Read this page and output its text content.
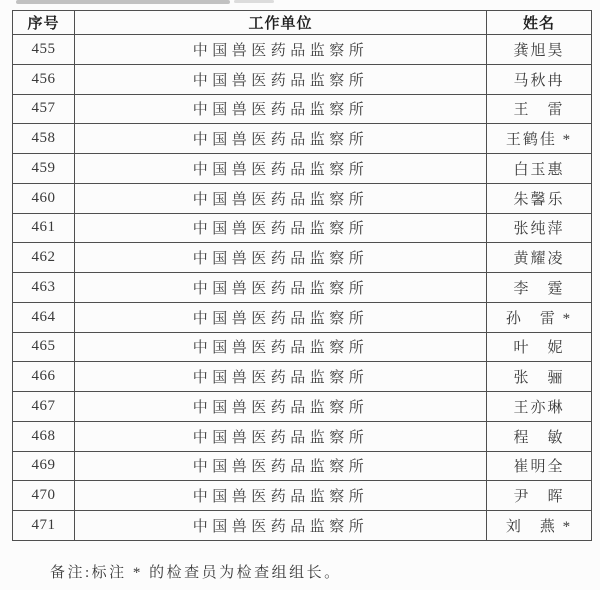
序号	工作单位	姓名
455	中国兽医药品监察所	龚旭昊
456	中国兽医药品监察所	马秋冉
457	中国兽医药品监察所	王　雷
458	中国兽医药品监察所	王鹤佳 *
459	中国兽医药品监察所	白玉惠
460	中国兽医药品监察所	朱馨乐
461	中国兽医药品监察所	张纯萍
462	中国兽医药品监察所	黄耀凌
463	中国兽医药品监察所	李　霆
464	中国兽医药品监察所	孙　雷 *
465	中国兽医药品监察所	叶　妮
466	中国兽医药品监察所	张　骊
467	中国兽医药品监察所	王亦琳
468	中国兽医药品监察所	程　敏
469	中国兽医药品监察所	崔明全
470	中国兽医药品监察所	尹　晖
471	中国兽医药品监察所	刘　燕 *
备注:标注 * 的检查员为检查组组长。
